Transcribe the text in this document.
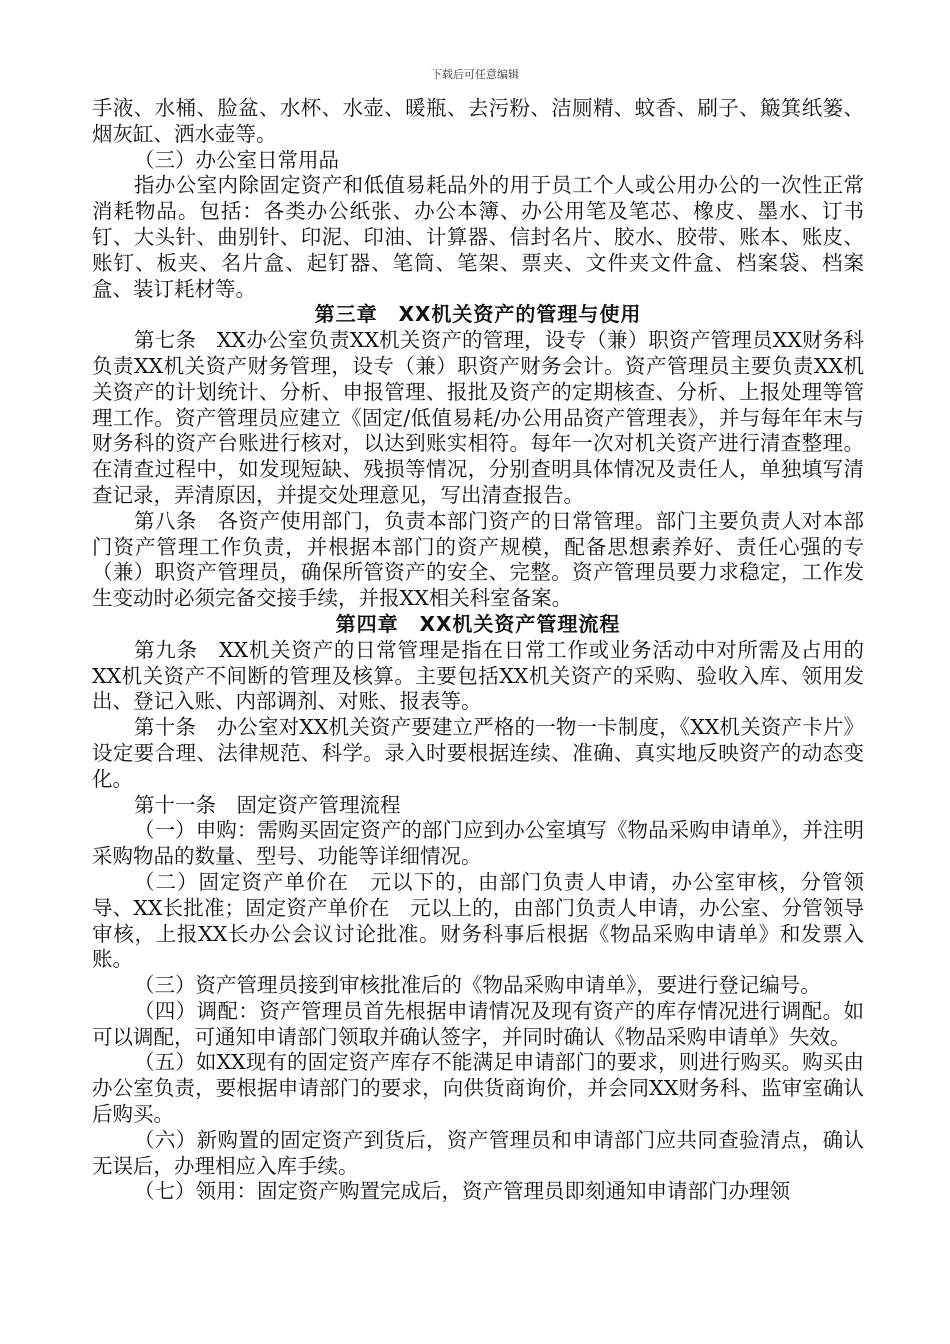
下载后可任意编辑
手液、水桶、脸盆、水杯、水壶、暖瓶、去污粉、洁厕精、蚊香、刷子、簸箕纸篓、烟灰缸、洒水壶等。
（三）办公室日常用品
指办公室内除固定资产和低值易耗品外的用于员工个人或公用办公的一次性正常消耗物品。包括：各类办公纸张、办公本簿、办公用笔及笔芯、橡皮、墨水、订书钉、大头针、曲别针、印泥、印油、计算器、信封名片、胶水、胶带、账本、账皮、账钉、板夹、名片盒、起钉器、笔筒、笔架、票夹、文件夹文件盒、档案袋、档案盒、装订耗材等。
第三章　XX机关资产的管理与使用
第七条　XX办公室负责XX机关资产的管理，设专（兼）职资产管理员XX财务科负责XX机关资产财务管理，设专（兼）职资产财务会计。资产管理员主要负责XX机关资产的计划统计、分析、申报管理、报批及资产的定期核查、分析、上报处理等管理工作。资产管理员应建立《固定/低值易耗/办公用品资产管理表》，并与每年年末与财务科的资产台账进行核对，以达到账实相符。每年一次对机关资产进行清查整理。在清查过程中，如发现短缺、残损等情况，分别查明具体情况及责任人，单独填写清查记录，弄清原因，并提交处理意见，写出清查报告。
第八条　各资产使用部门，负责本部门资产的日常管理。部门主要负责人对本部门资产管理工作负责，并根据本部门的资产规模，配备思想素养好、责任心强的专（兼）职资产管理员，确保所管资产的安全、完整。资产管理员要力求稳定，工作发生变动时必须完备交接手续，并报XX相关科室备案。
第四章　XX机关资产管理流程
第九条　XX机关资产的日常管理是指在日常工作或业务活动中对所需及占用的XX机关资产不间断的管理及核算。主要包括XX机关资产的采购、验收入库、领用发出、登记入账、内部调剂、对账、报表等。
第十条　办公室对XX机关资产要建立严格的一物一卡制度，《XX机关资产卡片》设定要合理、法律规范、科学。录入时要根据连续、准确、真实地反映资产的动态变化。
第十一条　固定资产管理流程
（一）申购：需购买固定资产的部门应到办公室填写《物品采购申请单》，并注明采购物品的数量、型号、功能等详细情况。
（二）固定资产单价在　元以下的，由部门负责人申请，办公室审核，分管领导、XX长批准；固定资产单价在　元以上的，由部门负责人申请，办公室、分管领导审核，上报XX长办公会议讨论批准。财务科事后根据《物品采购申请单》和发票入账。
（三）资产管理员接到审核批准后的《物品采购申请单》，要进行登记编号。
（四）调配：资产管理员首先根据申请情况及现有资产的库存情况进行调配。如可以调配，可通知申请部门领取并确认签字，并同时确认《物品采购申请单》失效。
（五）如XX现有的固定资产库存不能满足申请部门的要求，则进行购买。购买由办公室负责，要根据申请部门的要求，向供货商询价，并会同XX财务科、监审室确认后购买。
（六）新购置的固定资产到货后，资产管理员和申请部门应共同查验清点，确认无误后，办理相应入库手续。
（七）领用：固定资产购置完成后，资产管理员即刻通知申请部门办理领
